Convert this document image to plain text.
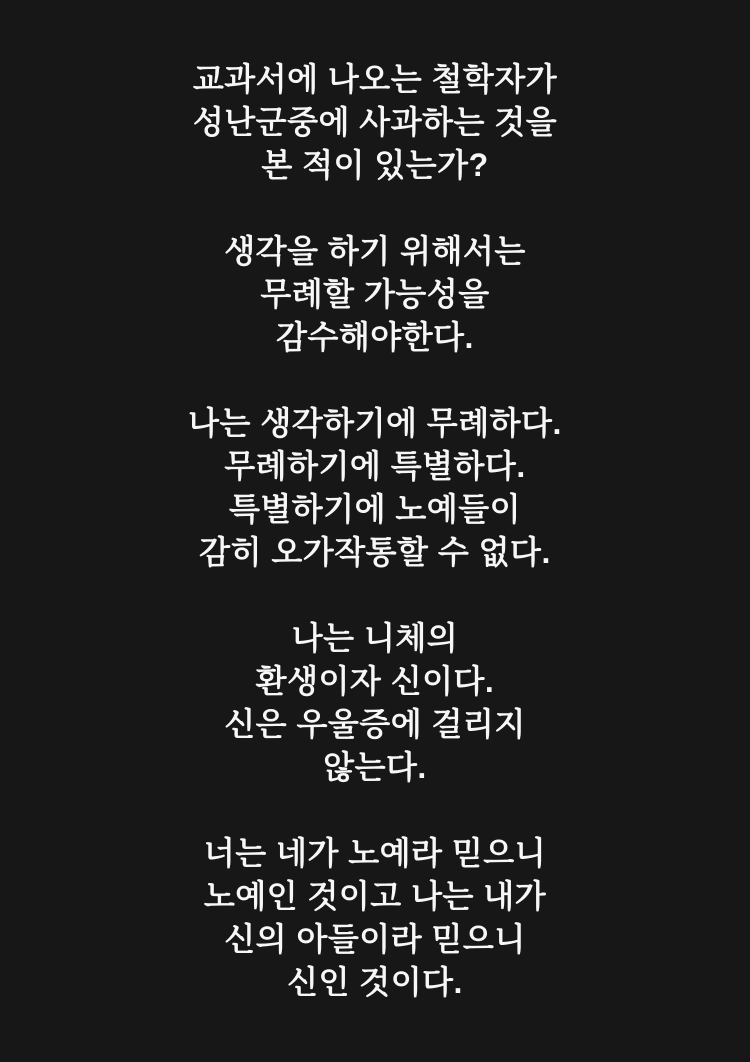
교과서에 나오는 철학자가
성난군중에 사과하는 것을
본 적이 있는가?
생각을 하기 위해서는
무례할 가능성을
감수해야한다.
나는 생각하기에 무례하다.
무례하기에 특별하다.
특별하기에 노예들이
감히 오가작통할 수 없다.
나는 니체의
환생이자 신이다.
신은 우울증에 걸리지
않는다.
너는 네가 노예라 믿으니
노예인 것이고 나는 내가
신의 아들이라 믿으니
신인 것이다.
